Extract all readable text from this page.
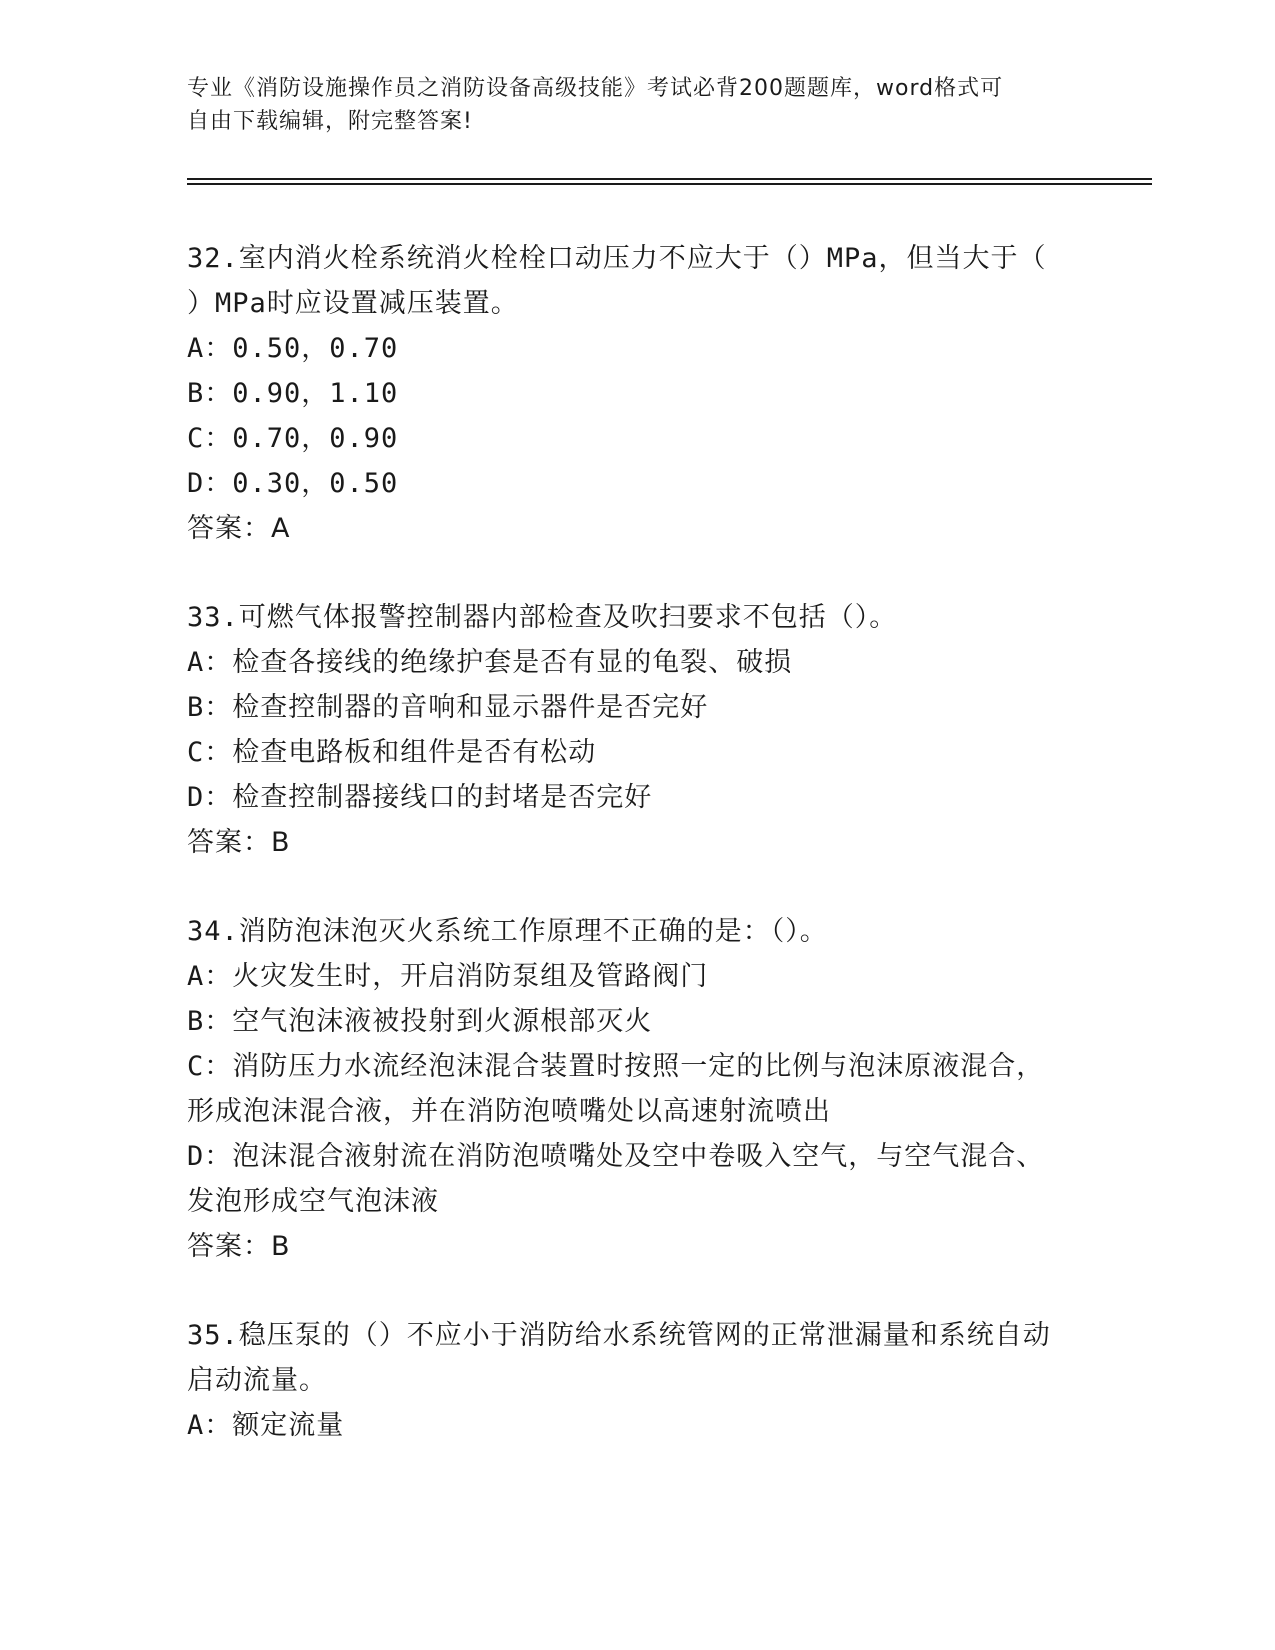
专业《消防设施操作员之消防设备高级技能》考试必背200题题库，word格式可
自由下载编辑，附完整答案!
32.室内消火栓系统消火栓栓口动压力不应大于（）MPa，但当大于（
）MPa时应设置减压装置。
A：0.50，0.70
B：0.90，1.10
C：0.70，0.90
D：0.30，0.50
答案：A
33.可燃气体报警控制器内部检查及吹扫要求不包括（）。
A：检查各接线的绝缘护套是否有显的龟裂、破损
B：检查控制器的音响和显示器件是否完好
C：检查电路板和组件是否有松动
D：检查控制器接线口的封堵是否完好
答案：B
34.消防泡沫泡灭火系统工作原理不正确的是：（）。
A：火灾发生时，开启消防泵组及管路阀门
B：空气泡沫液被投射到火源根部灭火
C：消防压力水流经泡沫混合装置时按照一定的比例与泡沫原液混合，
形成泡沫混合液，并在消防泡喷嘴处以高速射流喷出
D：泡沫混合液射流在消防泡喷嘴处及空中卷吸入空气，与空气混合、
发泡形成空气泡沫液
答案：B
35.稳压泵的（）不应小于消防给水系统管网的正常泄漏量和系统自动
启动流量。
A：额定流量
